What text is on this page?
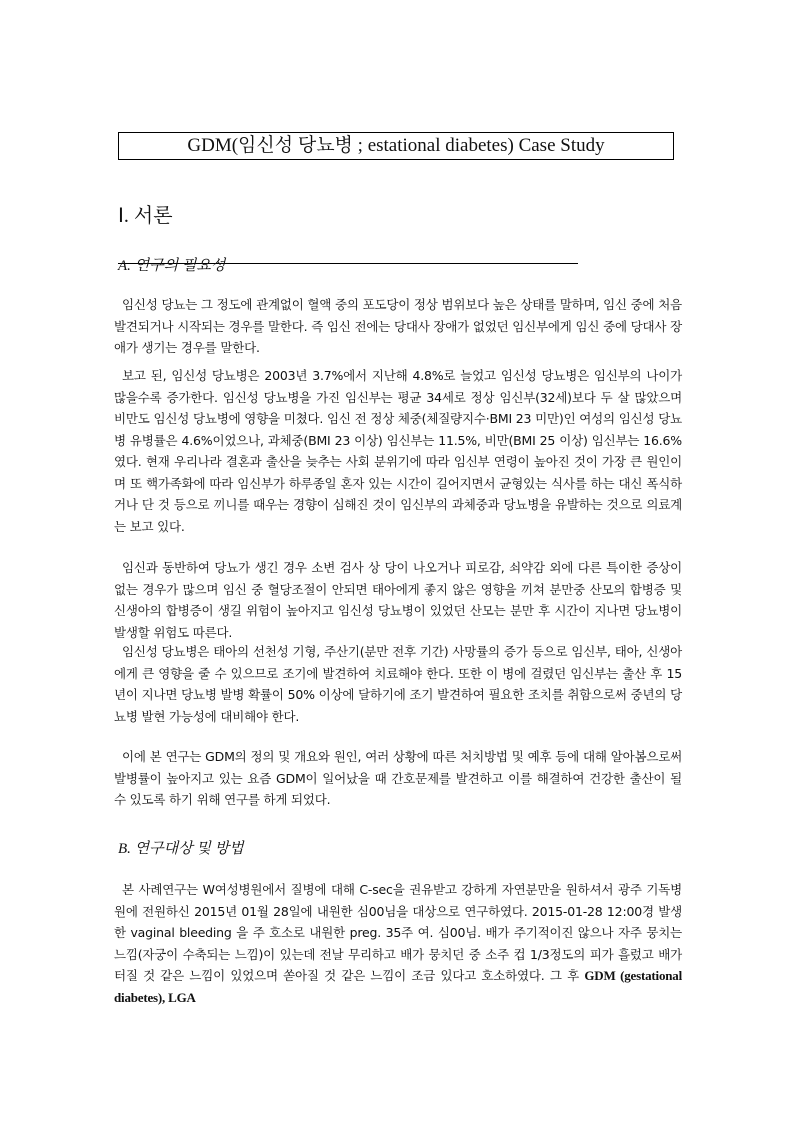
GDM(임신성 당뇨병 ; estational diabetes) Case Study
Ⅰ. 서론
A. 연구의 필요성

임신성 당뇨는 그 정도에 관계없이 혈액 중의 포도당이 정상 범위보다 높은 상태를 말하며, 임신 중에 처음 발견되거나 시작되는 경우를 말한다. 즉 임신 전에는 당대사 장애가 없었던 임신부에게 임신 중에 당대사 장애가 생기는 경우를 말한다.

보고 된, 임신성 당뇨병은 2003년 3.7%에서 지난해 4.8%로 늘었고 임신성 당뇨병은 임신부의 나이가 많을수록 증가한다. 임신성 당뇨병을 가진 임신부는 평균 34세로 정상 임신부(32세)보다 두 살 많았으며 비만도 임신성 당뇨병에 영향을 미쳤다. 임신 전 정상 체중(체질량지수·BMI 23 미만)인 여성의 임신성 당뇨병 유병률은 4.6%이었으나, 과체중(BMI 23 이상) 임신부는 11.5%, 비만(BMI 25 이상) 임신부는 16.6%였다. 현재 우리나라 결혼과 출산을 늦추는 사회 분위기에 따라 임신부 연령이 높아진 것이 가장 큰 원인이며 또 핵가족화에 따라 임신부가 하루종일 혼자 있는 시간이 길어지면서 균형있는 식사를 하는 대신 폭식하거나 단 것 등으로 끼니를 때우는 경향이 심해진 것이 임신부의 과체중과 당뇨병을 유발하는 것으로 의료계는 보고 있다.

임신과 동반하여 당뇨가 생긴 경우 소변 검사 상 당이 나오거나 피로감, 쇠약감 외에 다른 특이한 증상이 없는 경우가 많으며 임신 중 혈당조절이 안되면 태아에게 좋지 않은 영향을 끼쳐 분만중 산모의 합병증 및 신생아의 합병증이 생길 위험이 높아지고 임신성 당뇨병이 있었던 산모는 분만 후 시간이 지나면 당뇨병이 발생할 위험도 따른다.

임신성 당뇨병은 태아의 선천성 기형, 주산기(분만 전후 기간) 사망률의 증가 등으로 임신부, 태아, 신생아에게 큰 영향을 줄 수 있으므로 조기에 발견하여 치료해야 한다. 또한 이 병에 걸렸던 임신부는 출산 후 15년이 지나면 당뇨병 발병 확률이 50% 이상에 달하기에 조기 발견하여 필요한 조치를 취함으로써 중년의 당뇨병 발현 가능성에 대비해야 한다.

이에 본 연구는 GDM의 정의 및 개요와 원인, 여러 상황에 따른 처치방법 및 예후 등에 대해 알아봄으로써 발병률이 높아지고 있는 요즘 GDM이 일어났을 때 간호문제를 발견하고 이를 해결하여 건강한 출산이 될 수 있도록 하기 위해 연구를 하게 되었다.

B. 연구대상 및 방법

본 사례연구는 W여성병원에서 질병에 대해 C-sec을 권유받고 강하게 자연분만을 원하셔서 광주 기독병원에 전원하신 2015년 01월 28일에 내원한 심00님을 대상으로 연구하였다. 2015-01-28 12:00경 발생한 vaginal bleeding 을 주 호소로 내원한 preg. 35주 여. 심00님. 배가 주기적이진 않으나 자주 뭉치는 느낌(자궁이 수축되는 느낌)이 있는데 전날 무리하고 배가 뭉치던 중 소주 컵 1/3정도의 피가 흘렀고 배가 터질 것 같은 느낌이 있었으며 쏟아질 것 같은 느낌이 조금 있다고 호소하였다. 그 후 GDM (gestational diabetes), LGA
